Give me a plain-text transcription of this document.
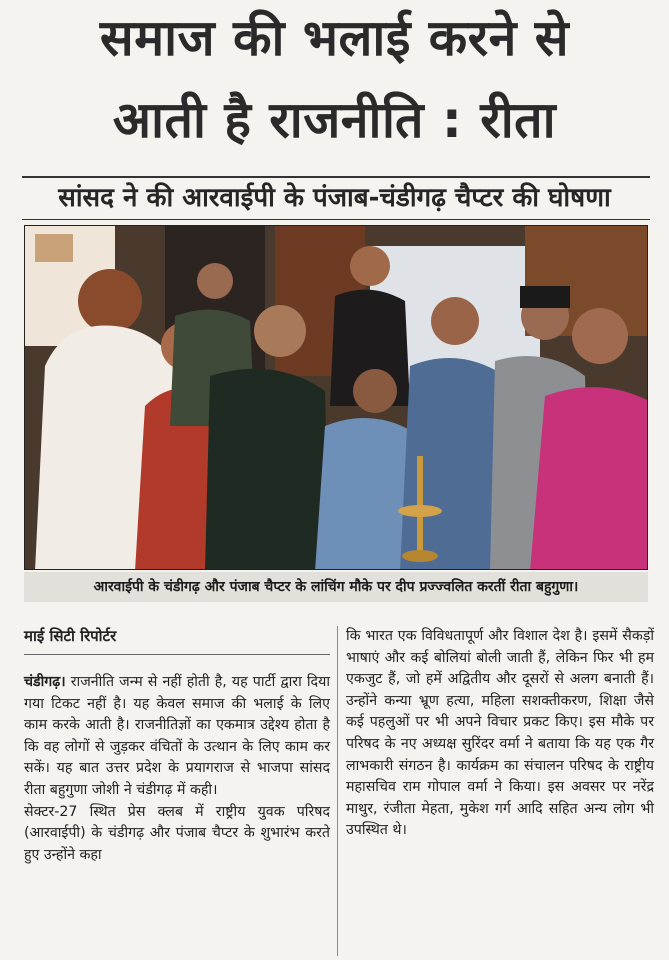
समाज की भलाई करने से
आती है राजनीति : रीता
सांसद ने की आरवाईपी के पंजाब-चंडीगढ़ चैप्टर की घोषणा
आरवाईपी के चंडीगढ़ और पंजाब चैप्टर के लांचिंग मौके पर दीप प्रज्ज्वलित करतीं रीता बहुगुणा।
माई सिटी रिपोर्टर

चंडीगढ़। राजनीति जन्म से नहीं होती है, यह पार्टी द्वारा दिया गया टिकट नहीं है। यह केवल समाज की भलाई के लिए काम करके आती है। राजनीतिज्ञों का एकमात्र उद्देश्य होता है कि वह लोगों से जुड़कर वंचितों के उत्थान के लिए काम कर सकें। यह बात उत्तर प्रदेश के प्रयागराज से भाजपा सांसद रीता बहुगुणा जोशी ने चंडीगढ़ में कही।

सेक्टर-27 स्थित प्रेस क्लब में राष्ट्रीय युवक परिषद (आरवाईपी) के चंडीगढ़ और पंजाब चैप्टर के शुभारंभ करते हुए उन्होंने कहा

कि भारत एक विविधतापूर्ण और विशाल देश है। इसमें सैकड़ों भाषाएं और कई बोलियां बोली जाती हैं, लेकिन फिर भी हम एकजुट हैं, जो हमें अद्वितीय और दूसरों से अलग बनाती हैं। उन्होंने कन्या भ्रूण हत्या, महिला सशक्तीकरण, शिक्षा जैसे कई पहलुओं पर भी अपने विचार प्रकट किए। इस मौके पर परिषद के नए अध्यक्ष सुरिंदर वर्मा ने बताया कि यह एक गैर लाभकारी संगठन है। कार्यक्रम का संचालन परिषद के राष्ट्रीय महासचिव राम गोपाल वर्मा ने किया। इस अवसर पर नरेंद्र माथुर, रंजीता मेहता, मुकेश गर्ग आदि सहित अन्य लोग भी उपस्थित थे।
